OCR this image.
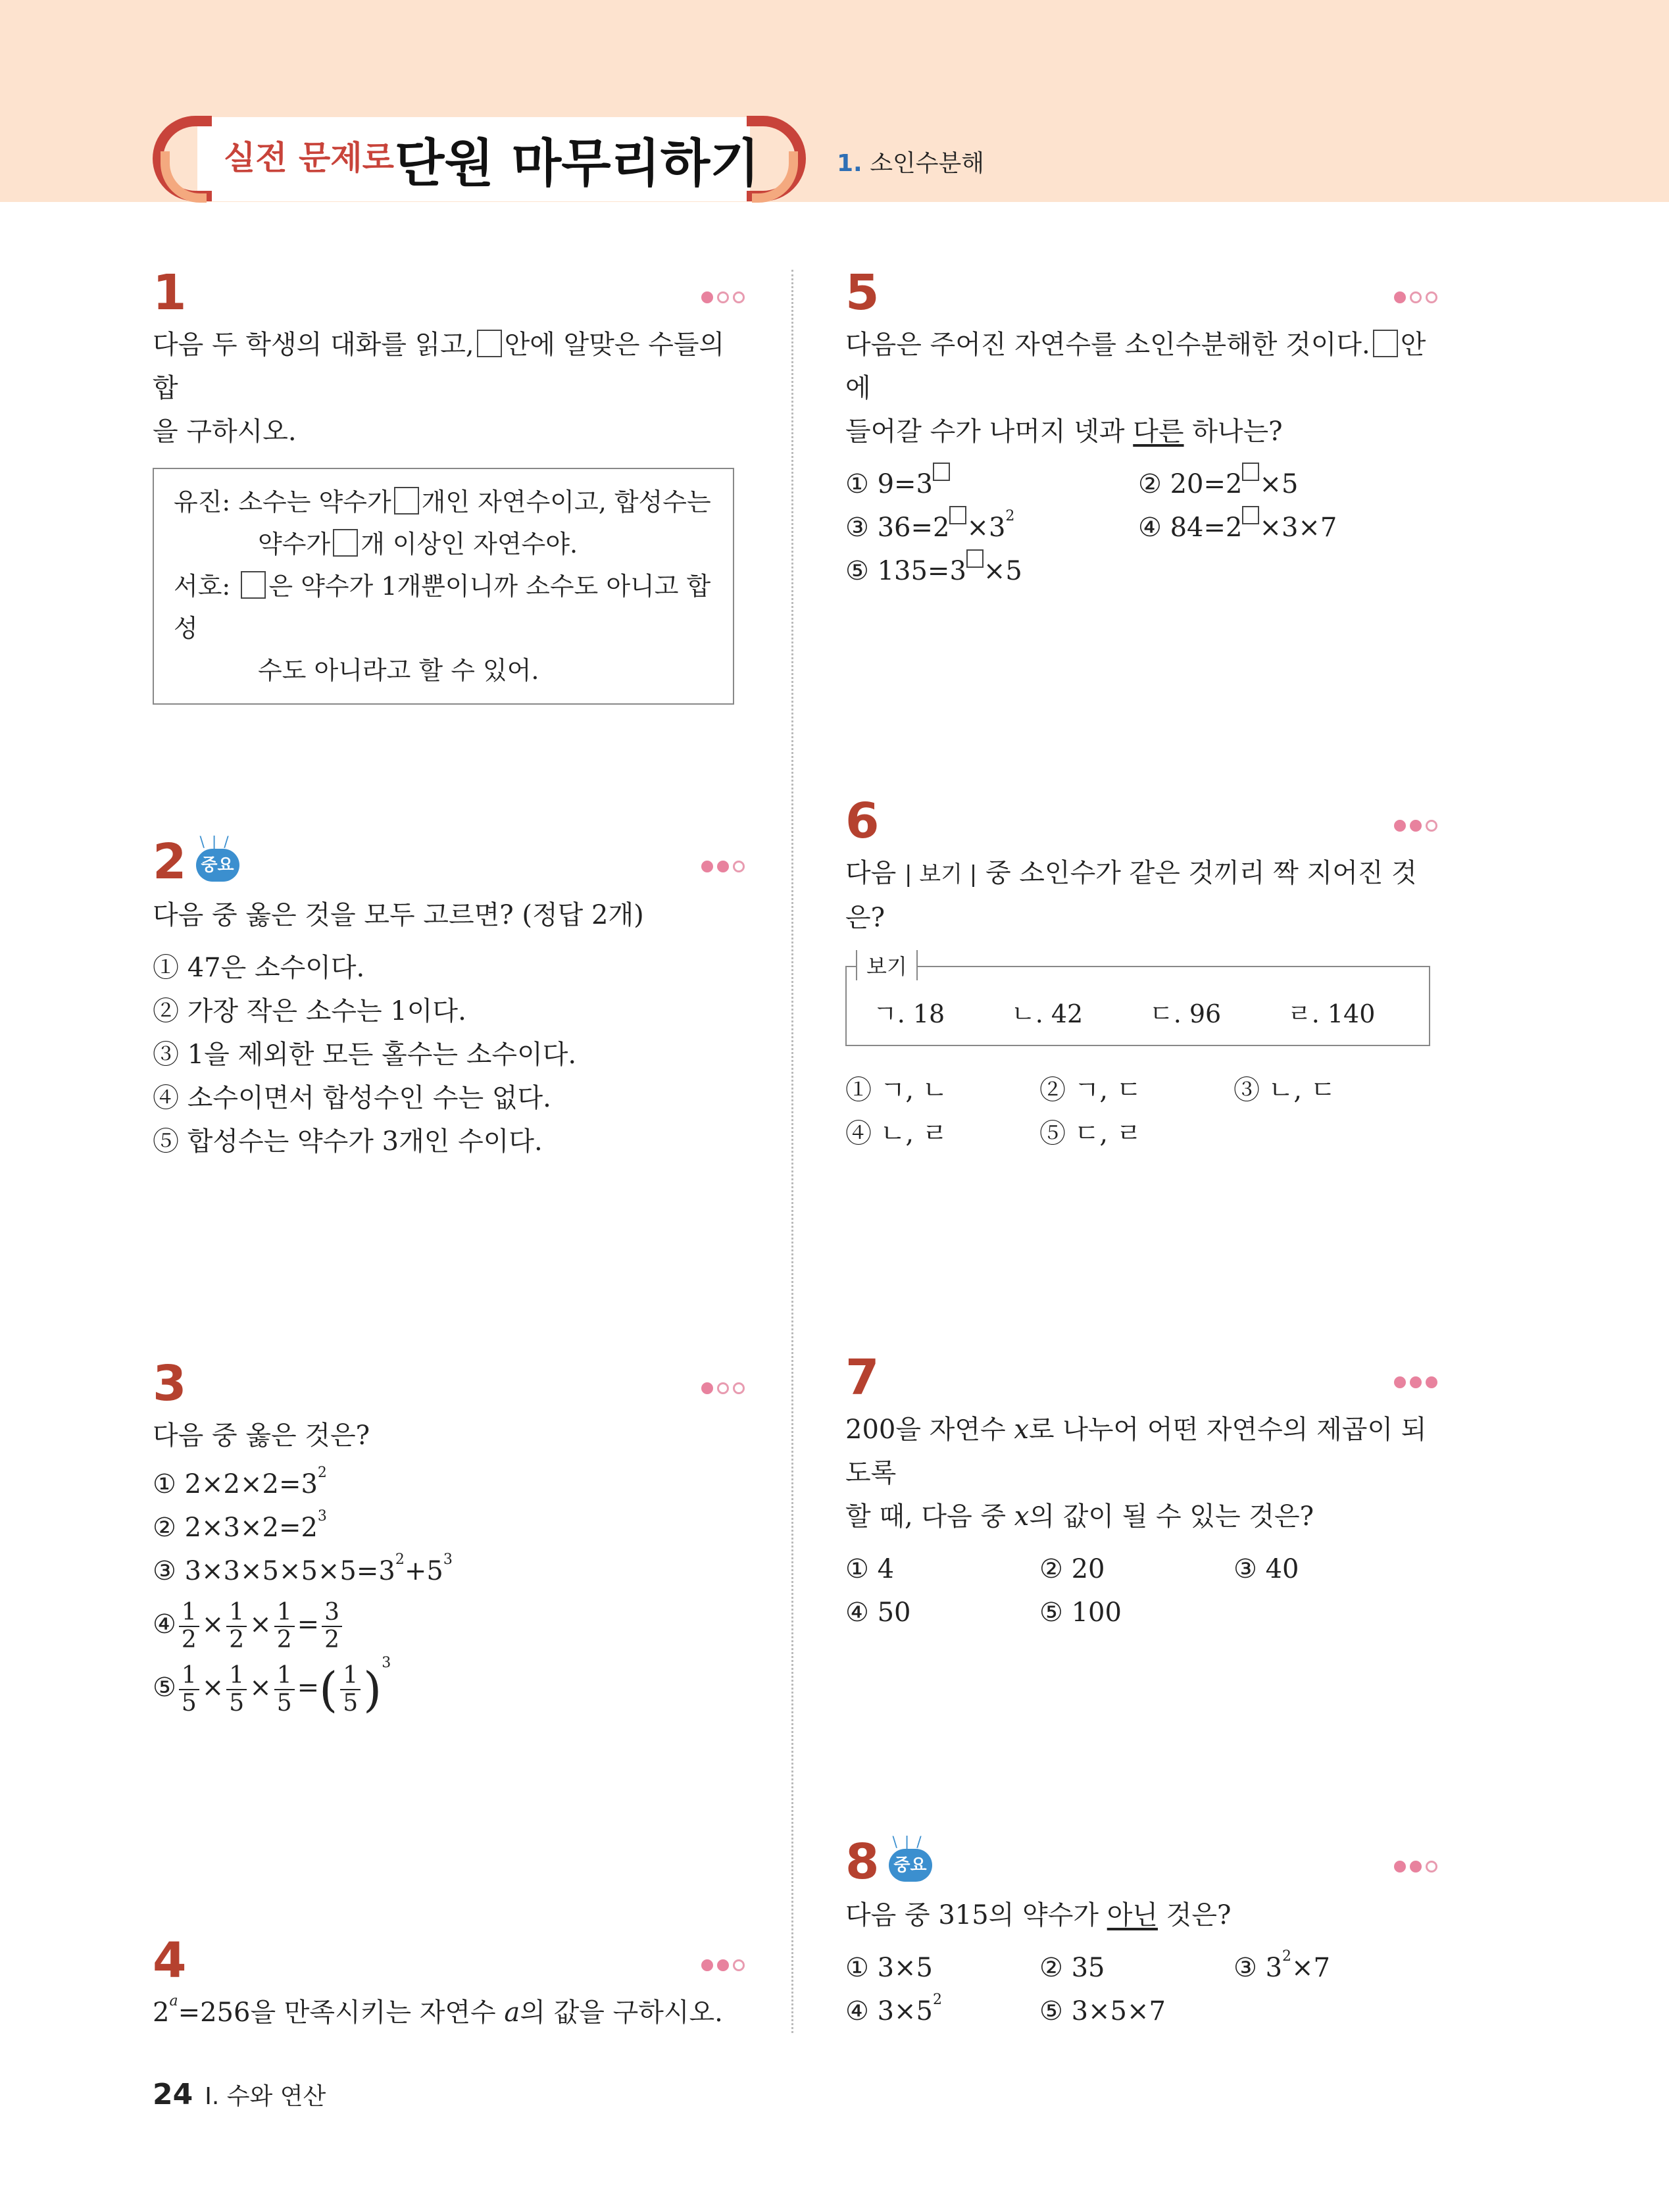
실전 문제로 단원 마무리하기	1. 소인수분해
1
다음 두 학생의 대화를 읽고, 안에 알맞은 수들의 합
을 구하시오.
유진: 소수는 약수가 개인 자연수이고, 합성수는
약수가 개 이상인 자연수야.
서호: 은 약수가 1개뿐이니까 소수도 아니고 합성
수도 아니라고 할 수 있어.
2 \ | / 중요
다음 중 옳은 것을 모두 고르면? (정답 2개)
① 47은 소수이다.
② 가장 작은 소수는 1이다.
③ 1을 제외한 모든 홀수는 소수이다.
④ 소수이면서 합성수인 수는 없다.
⑤ 합성수는 약수가 3개인 수이다.
3
다음 중 옳은 것은?
① $2\times 2\times 2=3^2$
② $2\times 3\times 2=2^3$
③ $3\times 3\times 5\times 5\times 5=3^2+5^3$
④ $\frac{1}{2} \times \frac{1}{2} \times \frac{1}{2} = \frac{3}{2}$
⑤ $\frac{1}{5} \times \frac{1}{5} \times \frac{1}{5}$ =( $\frac{1}{5} )^3$
4
$2^a=256$을 만족시키는 자연수 a의 값을 구하시오.
5
다음은 주어진 자연수를 소인수분해한 것이다. 안에
들어갈 수가 나머지 넷과 다른 하나는?
① 9=3	② 20=2 ×5
③ $36=2 \times 3^2$	④ 84=2 ×3×7
⑤ 135=3 ×5
6
다음 | 보기 | 중 소인수가 같은 것끼리 짝 지어진 것은?
보기
ㄱ. 18	ㄴ. 42	ㄷ. 96	ㄹ. 140
① ㄱ, ㄴ	② ㄱ, ㄷ	③ ㄴ, ㄷ
④ ㄴ, ㄹ	⑤ ㄷ, ㄹ
7
200을 자연수 x로 나누어 어떤 자연수의 제곱이 되도록
할 때, 다음 중 x의 값이 될 수 있는 것은?
① 4	② 20	③ 40
④ 50	⑤ 100
8 \ | / 중요
다음 중 315의 약수가 아닌 것은?
① 3×5	② 35	③ $3^2\times 7$
④ $3\times 5^2$	⑤ 3×5×7
24 I. 수와 연산
